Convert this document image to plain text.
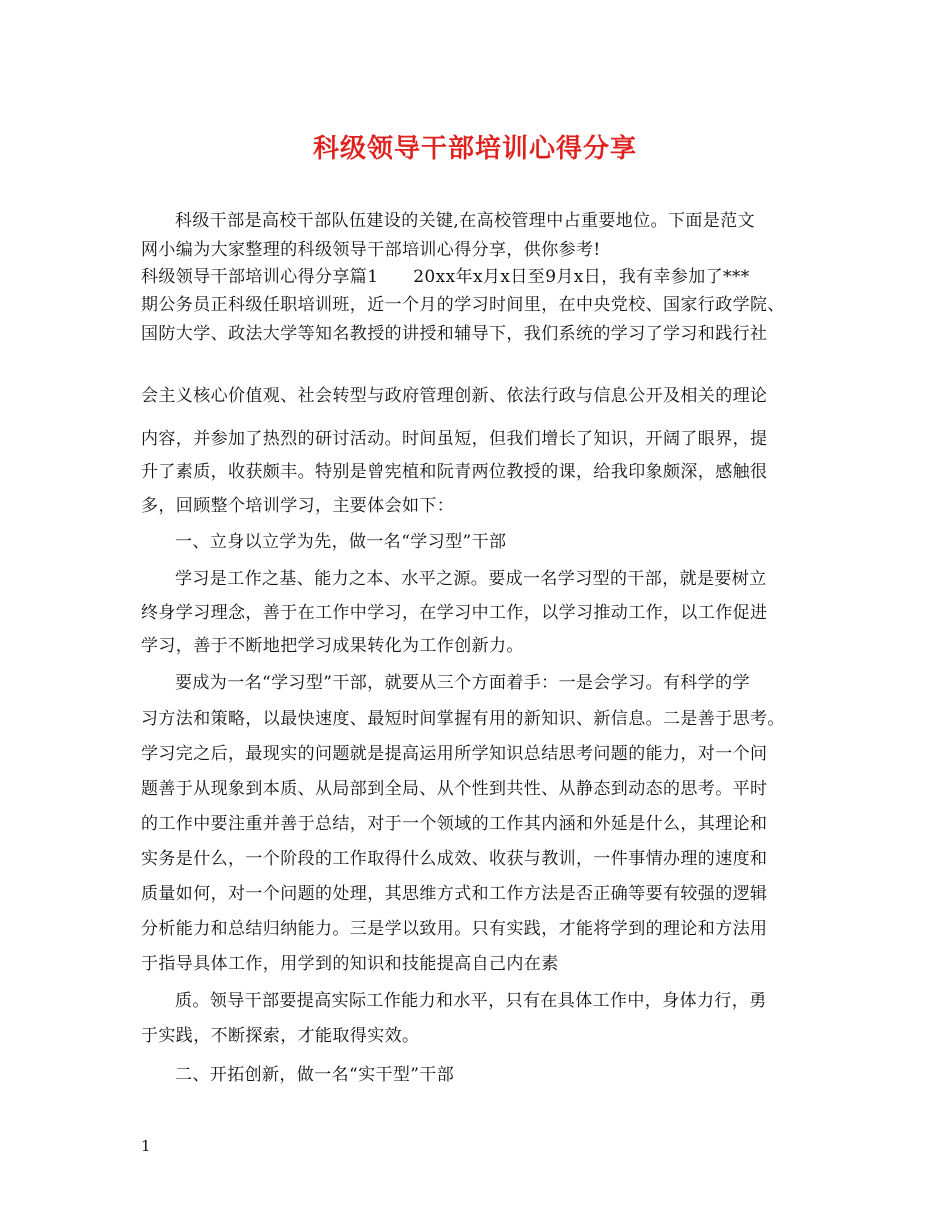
科级领导干部培训心得分享
科级干部是高校干部队伍建设的关键,在高校管理中占重要地位。下面是范文
网小编为大家整理的科级领导干部培训心得分享，供你参考!
科级领导干部培训心得分享篇1　　20xx年x月x日至9月x日，我有幸参加了***
期公务员正科级任职培训班，近一个月的学习时间里，在中央党校、国家行政学院、
国防大学、政法大学等知名教授的讲授和辅导下，我们系统的学习了学习和践行社
会主义核心价值观、社会转型与政府管理创新、依法行政与信息公开及相关的理论
内容，并参加了热烈的研讨活动。时间虽短，但我们增长了知识，开阔了眼界，提
升了素质，收获颇丰。特别是曾宪植和阮青两位教授的课，给我印象颇深，感触很
多，回顾整个培训学习，主要体会如下：
一、立身以立学为先，做一名“学习型”干部
学习是工作之基、能力之本、水平之源。要成一名学习型的干部，就是要树立
终身学习理念，善于在工作中学习，在学习中工作，以学习推动工作，以工作促进
学习，善于不断地把学习成果转化为工作创新力。
要成为一名“学习型”干部，就要从三个方面着手：一是会学习。有科学的学
习方法和策略，以最快速度、最短时间掌握有用的新知识、新信息。二是善于思考。
学习完之后，最现实的问题就是提高运用所学知识总结思考问题的能力，对一个问
题善于从现象到本质、从局部到全局、从个性到共性、从静态到动态的思考。平时
的工作中要注重并善于总结，对于一个领域的工作其内涵和外延是什么，其理论和
实务是什么，一个阶段的工作取得什么成效、收获与教训，一件事情办理的速度和
质量如何，对一个问题的处理，其思维方式和工作方法是否正确等要有较强的逻辑
分析能力和总结归纳能力。三是学以致用。只有实践，才能将学到的理论和方法用
于指导具体工作，用学到的知识和技能提高自己内在素
质。领导干部要提高实际工作能力和水平，只有在具体工作中，身体力行，勇
于实践，不断探索，才能取得实效。
二、开拓创新，做一名“实干型”干部
1
